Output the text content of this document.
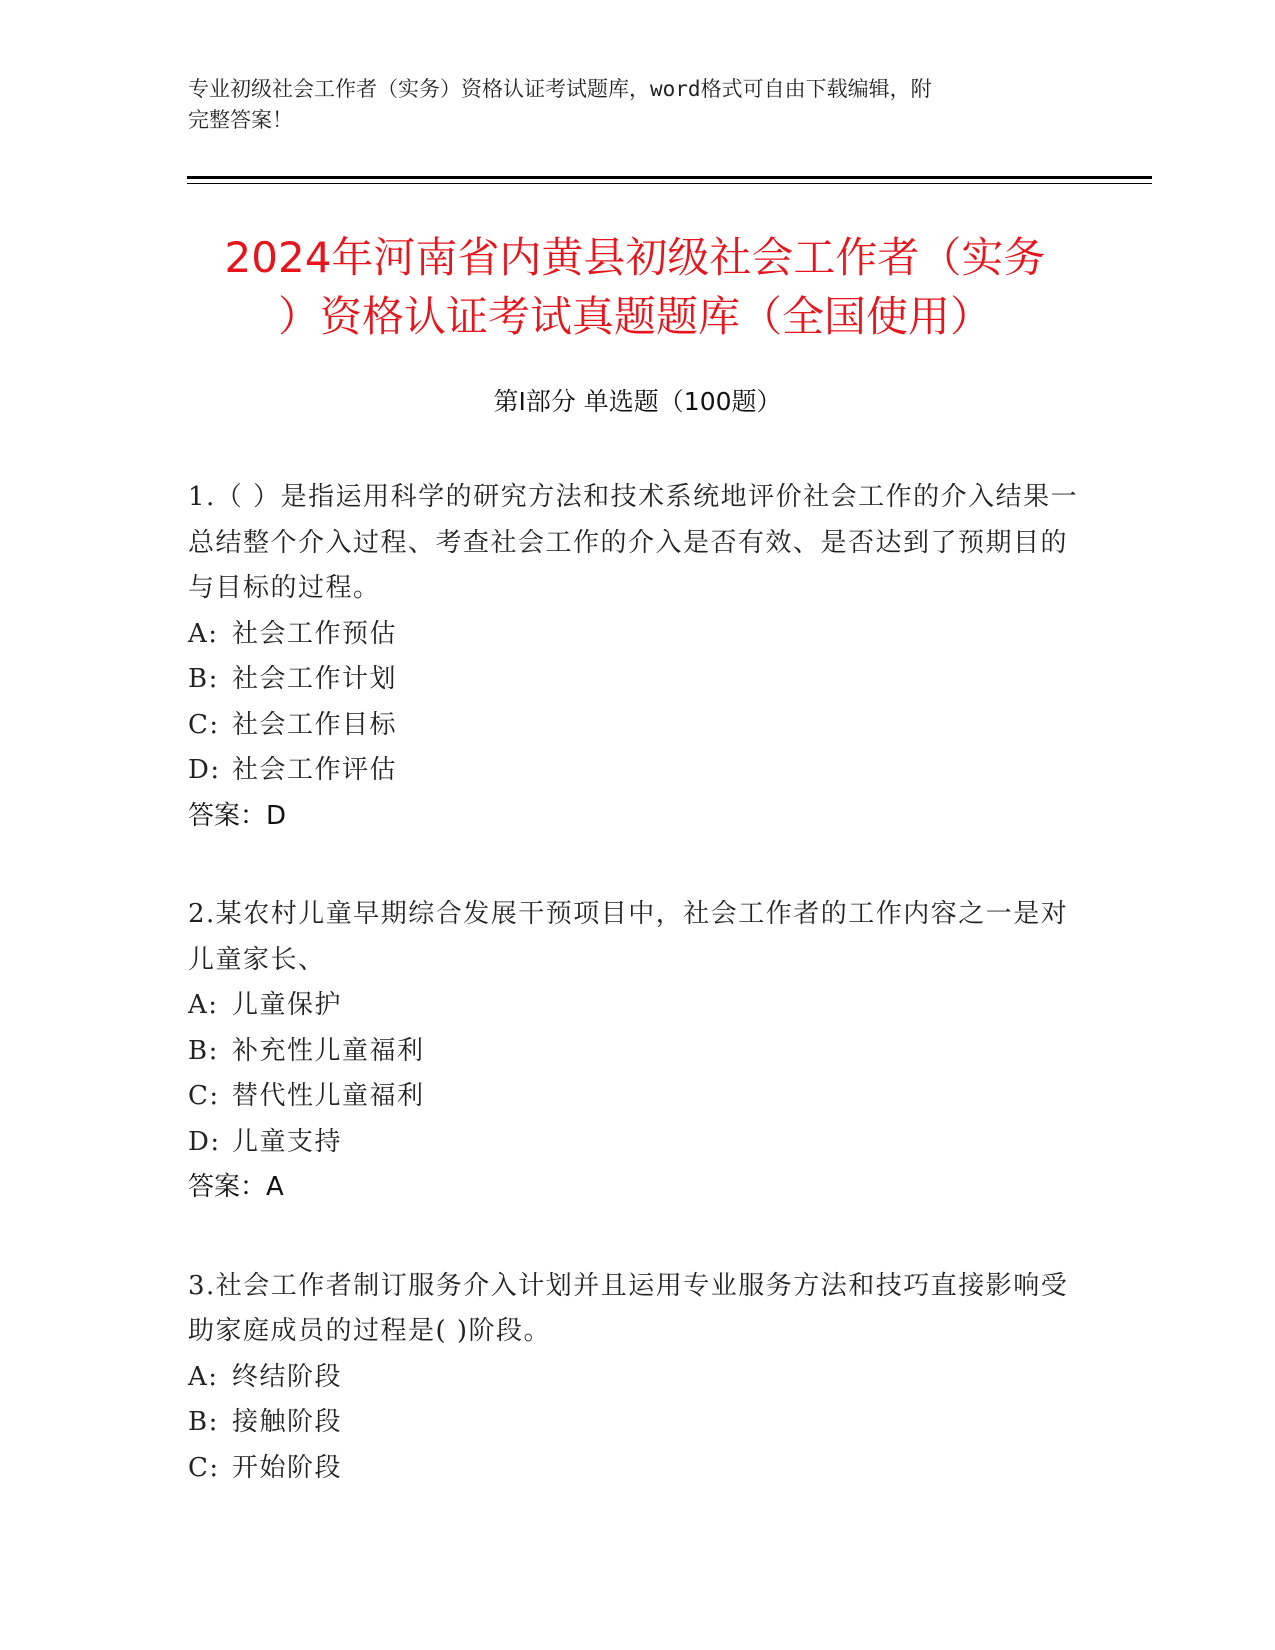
专业初级社会工作者（实务）资格认证考试题库，word格式可自由下载编辑，附
完整答案！
2024年河南省内黄县初级社会工作者（实务
）资格认证考试真题题库（全国使用）
第Ⅰ部分 单选题（100题）
1.（ ）是指运用科学的研究方法和技术系统地评价社会工作的介入结果一总结整个介入过程、考查社会工作的介入是否有效、是否达到了预期目的与目标的过程。
A: 社会工作预估
B: 社会工作计划
C: 社会工作目标
D: 社会工作评估
答案：D
2.某农村儿童早期综合发展干预项目中，社会工作者的工作内容之一是对儿童家长、
A: 儿童保护
B: 补充性儿童福利
C: 替代性儿童福利
D: 儿童支持
答案：A
3.社会工作者制订服务介入计划并且运用专业服务方法和技巧直接影响受助家庭成员的过程是( )阶段。
A: 终结阶段
B: 接触阶段
C: 开始阶段
